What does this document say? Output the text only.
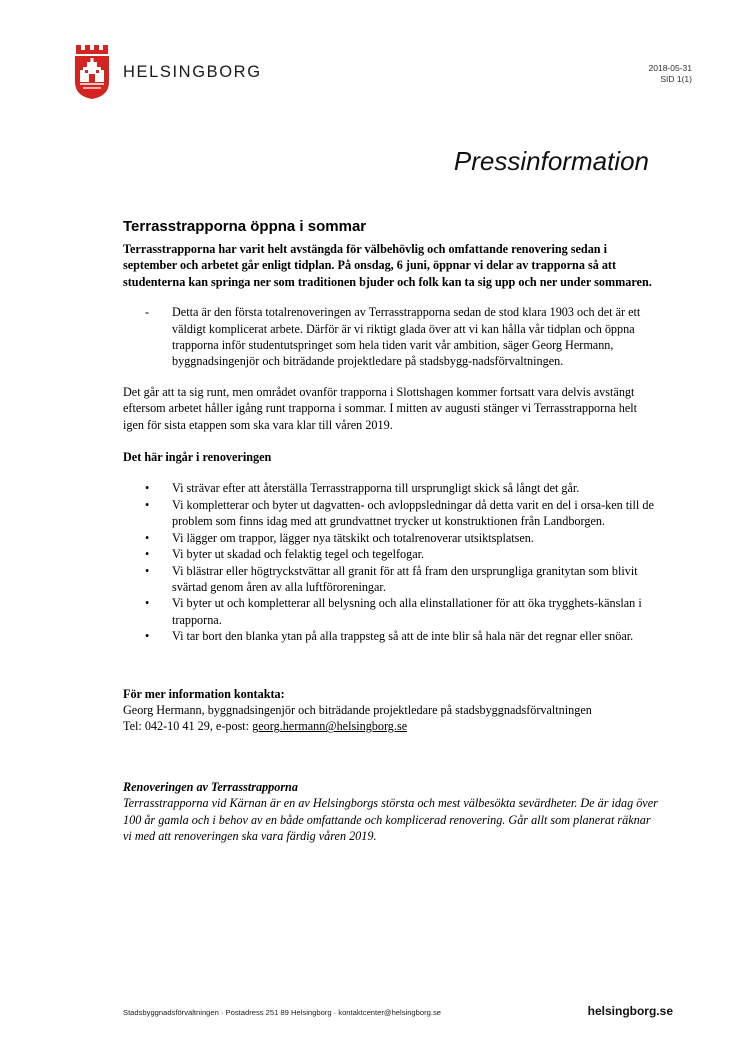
HELSINGBORG	2018-05-31
SID 1(1)
Pressinformation
Terrasstrapporna öppna i sommar

Terrasstrapporna har varit helt avstängda för välbehövlig och omfattande renovering sedan i september och arbetet går enligt tidplan. På onsdag, 6 juni, öppnar vi delar av trapporna så att studenterna kan springa ner som traditionen bjuder och folk kan ta sig upp och ner under sommaren.

-	Detta är den första totalrenoveringen av Terrasstrapporna sedan de stod klara 1903 och det är ett väldigt komplicerat arbete. Därför är vi riktigt glada över att vi kan hålla vår tidplan och öppna trapporna inför studentutspringet som hela tiden varit vår ambition, säger Georg Hermann, byggnadsingenjör och biträdande projektledare på stadsbygg-nadsförvaltningen.

Det går att ta sig runt, men området ovanför trapporna i Slottshagen kommer fortsatt vara delvis avstängt eftersom arbetet håller igång runt trapporna i sommar. I mitten av augusti stänger vi Terrasstrapporna helt igen för sista etappen som ska vara klar till våren 2019.

Det här ingår i renoveringen

•	Vi strävar efter att återställa Terrasstrapporna till ursprungligt skick så långt det går.
•	Vi kompletterar och byter ut dagvatten- och avloppsledningar då detta varit en del i orsa-ken till de problem som finns idag med att grundvattnet trycker ut konstruktionen från Landborgen.
•	Vi lägger om trappor, lägger nya tätskikt och totalrenoverar utsiktsplatsen.
•	Vi byter ut skadad och felaktig tegel och tegelfogar.
•	Vi blästrar eller högtryckstvättar all granit för att få fram den ursprungliga granitytan som blivit svärtad genom åren av alla luftföroreningar.
•	Vi byter ut och kompletterar all belysning och alla elinstallationer för att öka trygghets-känslan i trapporna.
•	Vi tar bort den blanka ytan på alla trappsteg så att de inte blir så hala när det regnar eller snöar.
För mer information kontakta:
Georg Hermann, byggnadsingenjör och biträdande projektledare på stadsbyggnadsförvaltningen
Tel: 042-10 41 29, e-post: georg.hermann@helsingborg.se
Renoveringen av Terrasstrapporna
Terrasstrapporna vid Kärnan är en av Helsingborgs största och mest välbesökta sevärdheter. De är idag över 100 år gamla och i behov av en både omfattande och komplicerad renovering. Går allt som planerat räknar vi med att renoveringen ska vara färdig våren 2019.
Stadsbyggnadsförvaltningen · Postadress 251 89 Helsingborg · kontaktcenter@helsingborg.se	helsingborg.se
